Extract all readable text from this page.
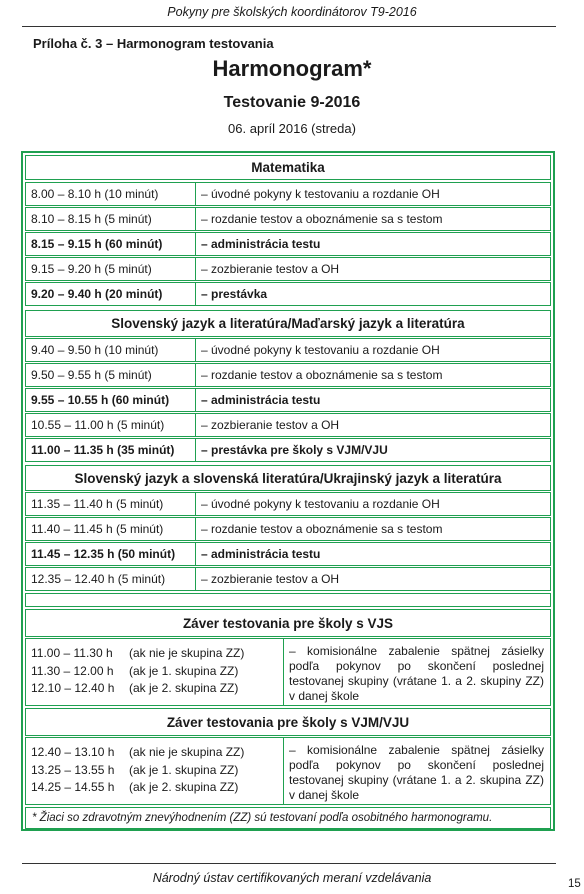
Pokyny pre školských koordinátorov T9-2016
Príloha č. 3 – Harmonogram testovania
Harmonogram*
Testovanie 9-2016
06. apríl 2016 (streda)
Matematika
8.00 – 8.10 h (10 minút)	– úvodné pokyny k testovaniu a rozdanie OH
8.10 – 8.15 h (5 minút)	– rozdanie testov a oboznámenie sa s testom
8.15 – 9.15 h (60 minút)	– administrácia testu
9.15 – 9.20 h (5 minút)	– zozbieranie testov a OH
9.20 – 9.40 h (20 minút)	– prestávka
Slovenský jazyk a literatúra/Maďarský jazyk a literatúra
9.40 – 9.50 h (10 minút)	– úvodné pokyny k testovaniu a rozdanie OH
9.50 – 9.55 h (5 minút)	– rozdanie testov a oboznámenie sa s testom
9.55 – 10.55 h (60 minút)	– administrácia testu
10.55 – 11.00 h (5 minút)	– zozbieranie testov a OH
11.00 – 11.35 h (35 minút)	– prestávka pre školy s VJM/VJU
Slovenský jazyk a slovenská literatúra/Ukrajinský jazyk a literatúra
11.35 – 11.40 h (5 minút)	– úvodné pokyny k testovaniu a rozdanie OH
11.40 – 11.45 h (5 minút)	– rozdanie testov a oboznámenie sa s testom
11.45 – 12.35 h (50 minút)	– administrácia testu
12.35 – 12.40 h (5 minút)	– zozbieranie testov a OH
Záver testovania pre školy s VJS
11.00 – 11.30 h (ak nie je skupina ZZ)
11.30 – 12.00 h (ak je 1. skupina ZZ)
12.10 – 12.40 h (ak je 2. skupina ZZ)
– komisionálne zabalenie spätnej zásielky podľa pokynov po skončení poslednej testovanej skupiny (vrátane 1. a 2. skupiny ZZ) v danej škole
Záver testovania pre školy s VJM/VJU
12.40 – 13.10 h (ak nie je skupina ZZ)
13.25 – 13.55 h (ak je 1. skupina ZZ)
14.25 – 14.55 h (ak je 2. skupina ZZ)
– komisionálne zabalenie spätnej zásielky podľa pokynov po skončení poslednej testovanej skupiny (vrátane 1. a 2. skupina ZZ) v danej škole
* Žiaci so zdravotným znevýhodnením (ZZ) sú testovaní podľa osobitného harmonogramu.
Národný ústav certifikovaných meraní vzdelávania	15
